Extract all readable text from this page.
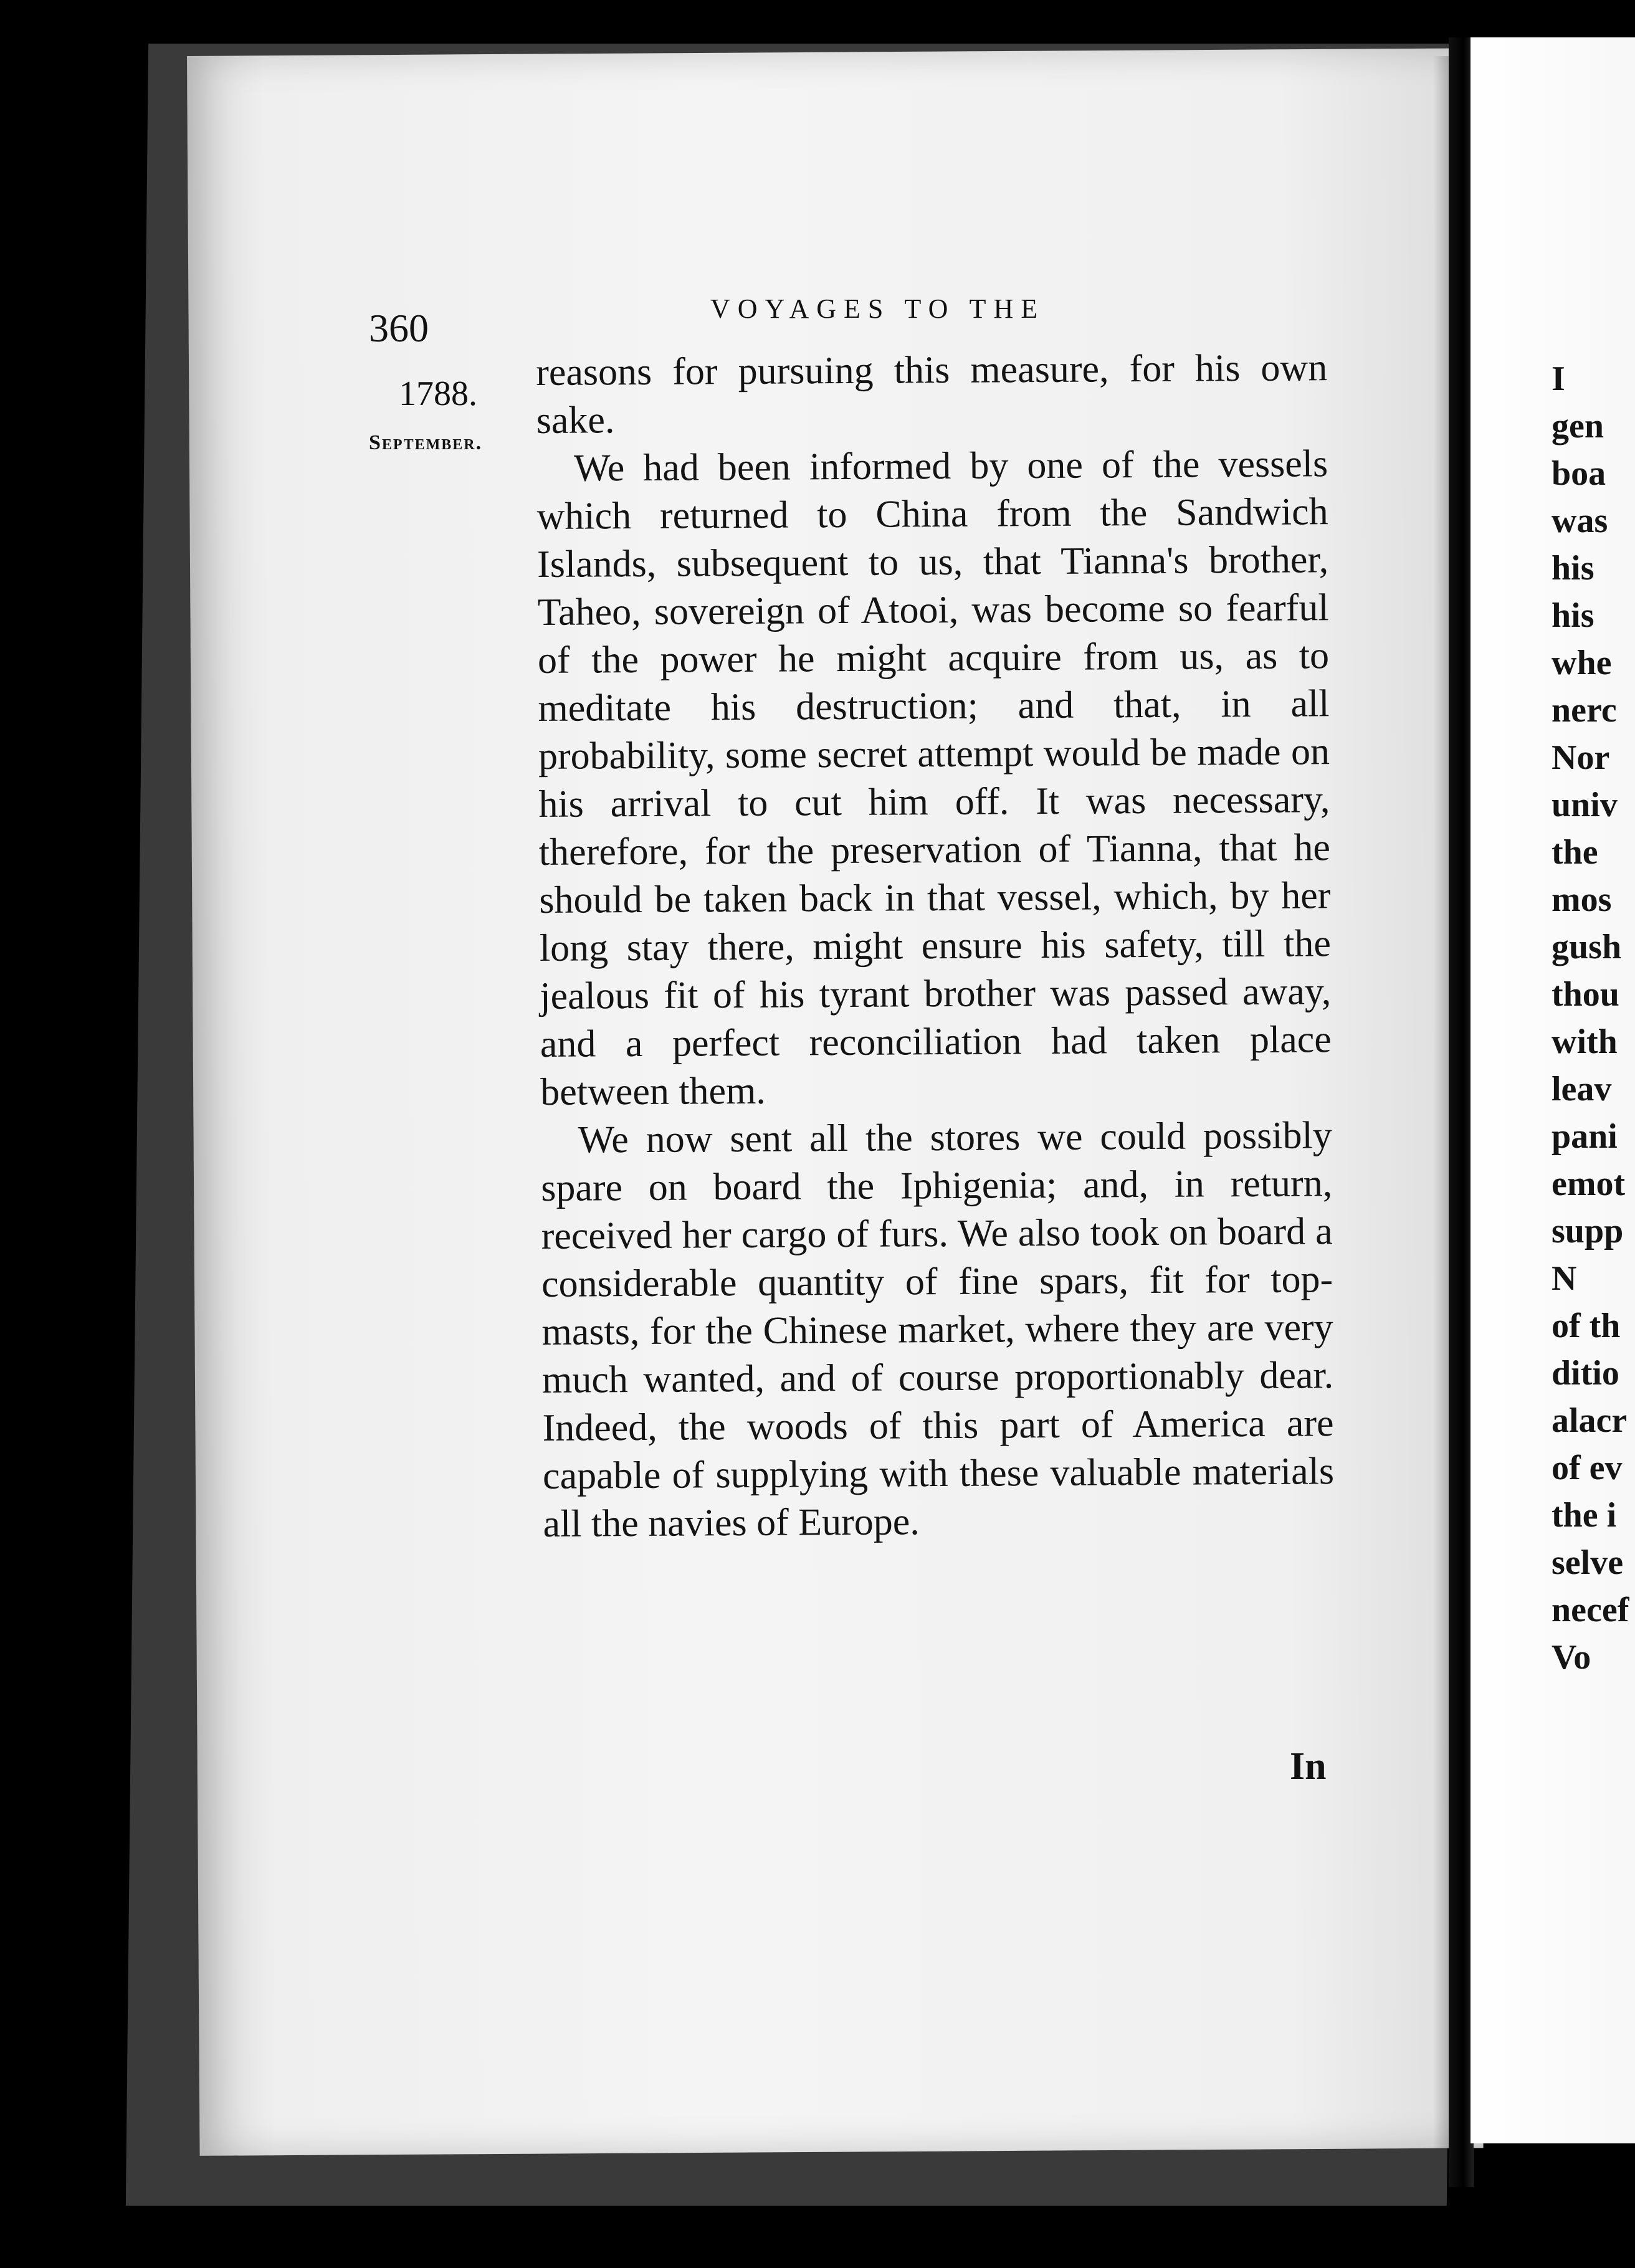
360	VOYAGES TO THE
1788.
September.

reasons for pursuing this measure, for his own sake.

We had been informed by one of the vessels which returned to China from the Sandwich Islands, subsequent to us, that Tianna's brother, Taheo, sovereign of Atooi, was become so fearful of the power he might acquire from us, as to meditate his destruction; and that, in all probability, some secret attempt would be made on his arrival to cut him off. It was necessary, therefore, for the preservation of Tianna, that he should be taken back in that vessel, which, by her long stay there, might ensure his safety, till the jealous fit of his tyrant brother was passed away, and a perfect reconciliation had taken place between them.

We now sent all the stores we could possibly spare on board the Iphigenia; and, in return, received her cargo of furs. We also took on board a considerable quantity of fine spars, fit for top-masts, for the Chinese market, where they are very much wanted, and of course proportionably dear. Indeed, the woods of this part of America are capable of supplying with these valuable materials all the navies of Europe.

In
I
gen
boa
was
his
his
whe
nerc
Nor
univ
the
mos
gush
thou
with
leav
pani
emot
supp
N
of th
ditio
alacr
of ev
the i
selve
necef
Vo
